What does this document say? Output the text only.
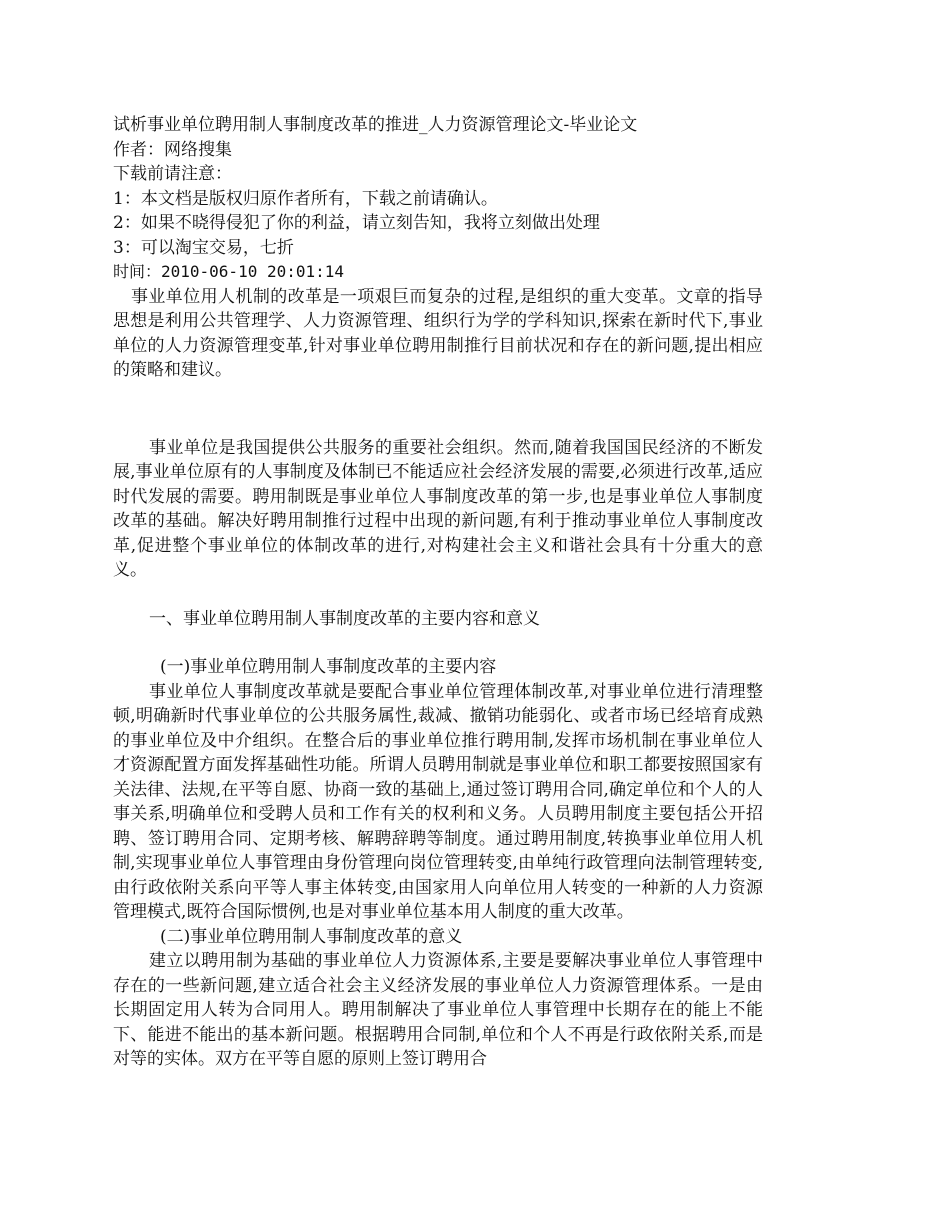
试析事业单位聘用制人事制度改革的推进_人力资源管理论文-毕业论文
作者：网络搜集
下载前请注意：
1：本文档是版权归原作者所有，下载之前请确认。
2：如果不晓得侵犯了你的利益，请立刻告知，我将立刻做出处理
3：可以淘宝交易，七折
时间：2010-06-10 20:01:14

事业单位用人机制的改革是一项艰巨而复杂的过程,是组织的重大变革。文章的指导思想是利用公共管理学、人力资源管理、组织行为学的学科知识,探索在新时代下,事业单位的人力资源管理变革,针对事业单位聘用制推行目前状况和存在的新问题,提出相应的策略和建议。

事业单位是我国提供公共服务的重要社会组织。然而,随着我国国民经济的不断发展,事业单位原有的人事制度及体制已不能适应社会经济发展的需要,必须进行改革,适应时代发展的需要。聘用制既是事业单位人事制度改革的第一步,也是事业单位人事制度改革的基础。解决好聘用制推行过程中出现的新问题,有利于推动事业单位人事制度改革,促进整个事业单位的体制改革的进行,对构建社会主义和谐社会具有十分重大的意义。

一、事业单位聘用制人事制度改革的主要内容和意义
(一)事业单位聘用制人事制度改革的主要内容

事业单位人事制度改革就是要配合事业单位管理体制改革,对事业单位进行清理整顿,明确新时代事业单位的公共服务属性,裁减、撤销功能弱化、或者市场已经培育成熟的事业单位及中介组织。在整合后的事业单位推行聘用制,发挥市场机制在事业单位人才资源配置方面发挥基础性功能。所谓人员聘用制就是事业单位和职工都要按照国家有关法律、法规,在平等自愿、协商一致的基础上,通过签订聘用合同,确定单位和个人的人事关系,明确单位和受聘人员和工作有关的权利和义务。人员聘用制度主要包括公开招聘、签订聘用合同、定期考核、解聘辞聘等制度。通过聘用制度,转换事业单位用人机制,实现事业单位人事管理由身份管理向岗位管理转变,由单纯行政管理向法制管理转变,由行政依附关系向平等人事主体转变,由国家用人向单位用人转变的一种新的人力资源管理模式,既符合国际惯例,也是对事业单位基本用人制度的重大改革。

(二)事业单位聘用制人事制度改革的意义

建立以聘用制为基础的事业单位人力资源体系,主要是要解决事业单位人事管理中存在的一些新问题,建立适合社会主义经济发展的事业单位人力资源管理体系。一是由长期固定用人转为合同用人。聘用制解决了事业单位人事管理中长期存在的能上不能下、能进不能出的基本新问题。根据聘用合同制,单位和个人不再是行政依附关系,而是对等的实体。双方在平等自愿的原则上签订聘用合
